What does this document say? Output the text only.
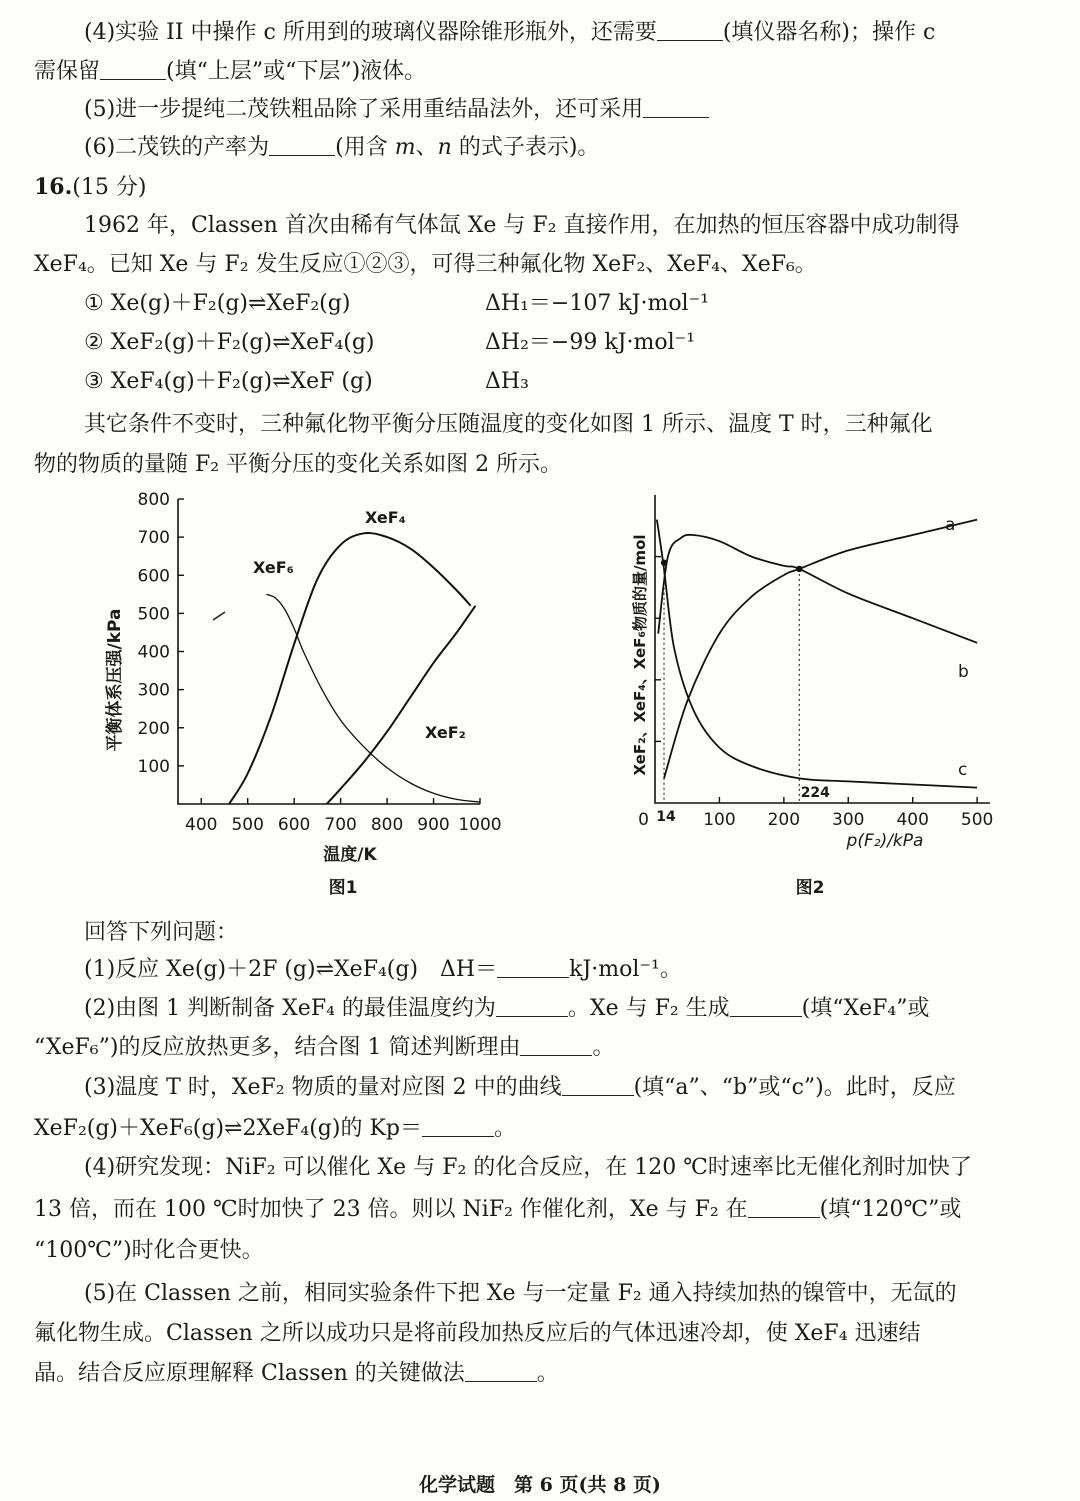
(4)实验 II 中操作 c 所用到的玻璃仪器除锥形瓶外，还需要	(填仪器名称)；操作 c
需保留	(填“上层”或“下层”)液体。
(5)进一步提纯二茂铁粗品除了采用重结晶法外，还可采用
(6)二茂铁的产率为	(用含 m、n 的式子表示)。
16.(15 分)
1962 年，Classen 首次由稀有气体氙 Xe 与 F₂ 直接作用，在加热的恒压容器中成功制得
XeF₄。已知 Xe 与 F₂ 发生反应①②③，可得三种氟化物 XeF₂、XeF₄、XeF₆。
① Xe(g)＋F₂(g)⇌XeF₂(g)	ΔH₁＝−107 kJ·mol⁻¹
② XeF₂(g)＋F₂(g)⇌XeF₄(g)	ΔH₂＝−99 kJ·mol⁻¹
③ XeF₄(g)＋F₂(g)⇌XeF (g)	ΔH₃
其它条件不变时，三种氟化物平衡分压随温度的变化如图 1 所示、温度 T 时，三种氟化
物的物质的量随 F₂ 平衡分压的变化关系如图 2 所示。
800
700
600
500
400
300
200
100
400 500 600 700 800 900 1000
平衡体系压强/kPa
温度/K
图1
XeF₄
XeF₆
XeF₂
0 14 100 200
224
300 400 500
XeF₂、XeF₄、XeF₆物质的量/mol
p(F₂)/kPa
图2
a
b
c
回答下列问题：
(1)反应 Xe(g)＋2F (g)⇌XeF₄(g)　ΔH＝	kJ·mol⁻¹。
(2)由图 1 判断制备 XeF₄ 的最佳温度约为	。Xe 与 F₂ 生成	(填“XeF₄”或
“XeF₆”)的反应放热更多，结合图 1 简述判断理由	。
(3)温度 T 时，XeF₂ 物质的量对应图 2 中的曲线	(填“a”、“b”或“c”)。此时，反应
XeF₂(g)＋XeF₆(g)⇌2XeF₄(g)的 Kp＝	。
(4)研究发现：NiF₂ 可以催化 Xe 与 F₂ 的化合反应，在 120 ℃时速率比无催化剂时加快了
13 倍，而在 100 ℃时加快了 23 倍。则以 NiF₂ 作催化剂，Xe 与 F₂ 在	(填“120℃”或
“100℃”)时化合更快。
(5)在 Classen 之前，相同实验条件下把 Xe 与一定量 F₂ 通入持续加热的镍管中，无氙的
氟化物生成。Classen 之所以成功只是将前段加热反应后的气体迅速冷却，使 XeF₄ 迅速结
晶。结合反应原理解释 Classen 的关键做法	。
化学试题　第 6 页(共 8 页)
